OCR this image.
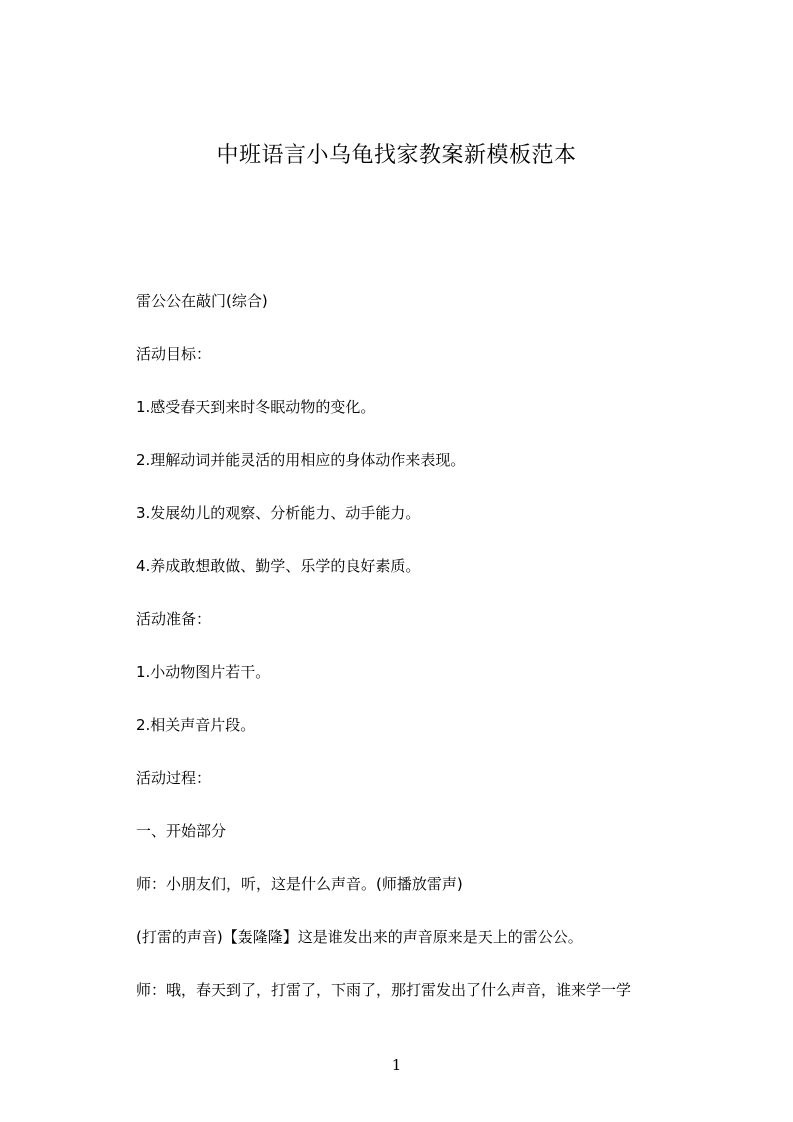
中班语言小乌龟找家教案新模板范本
雷公公在敲门(综合)
活动目标：
1.感受春天到来时冬眠动物的变化。
2.理解动词并能灵活的用相应的身体动作来表现。
3.发展幼儿的观察、分析能力、动手能力。
4.养成敢想敢做、勤学、乐学的良好素质。
活动准备：
1.小动物图片若干。
2.相关声音片段。
活动过程：
一、开始部分
师：小朋友们，听，这是什么声音。(师播放雷声)
(打雷的声音)【轰隆隆】这是谁发出来的声音原来是天上的雷公公。
师：哦，春天到了，打雷了，下雨了，那打雷发出了什么声音，谁来学一学
1
